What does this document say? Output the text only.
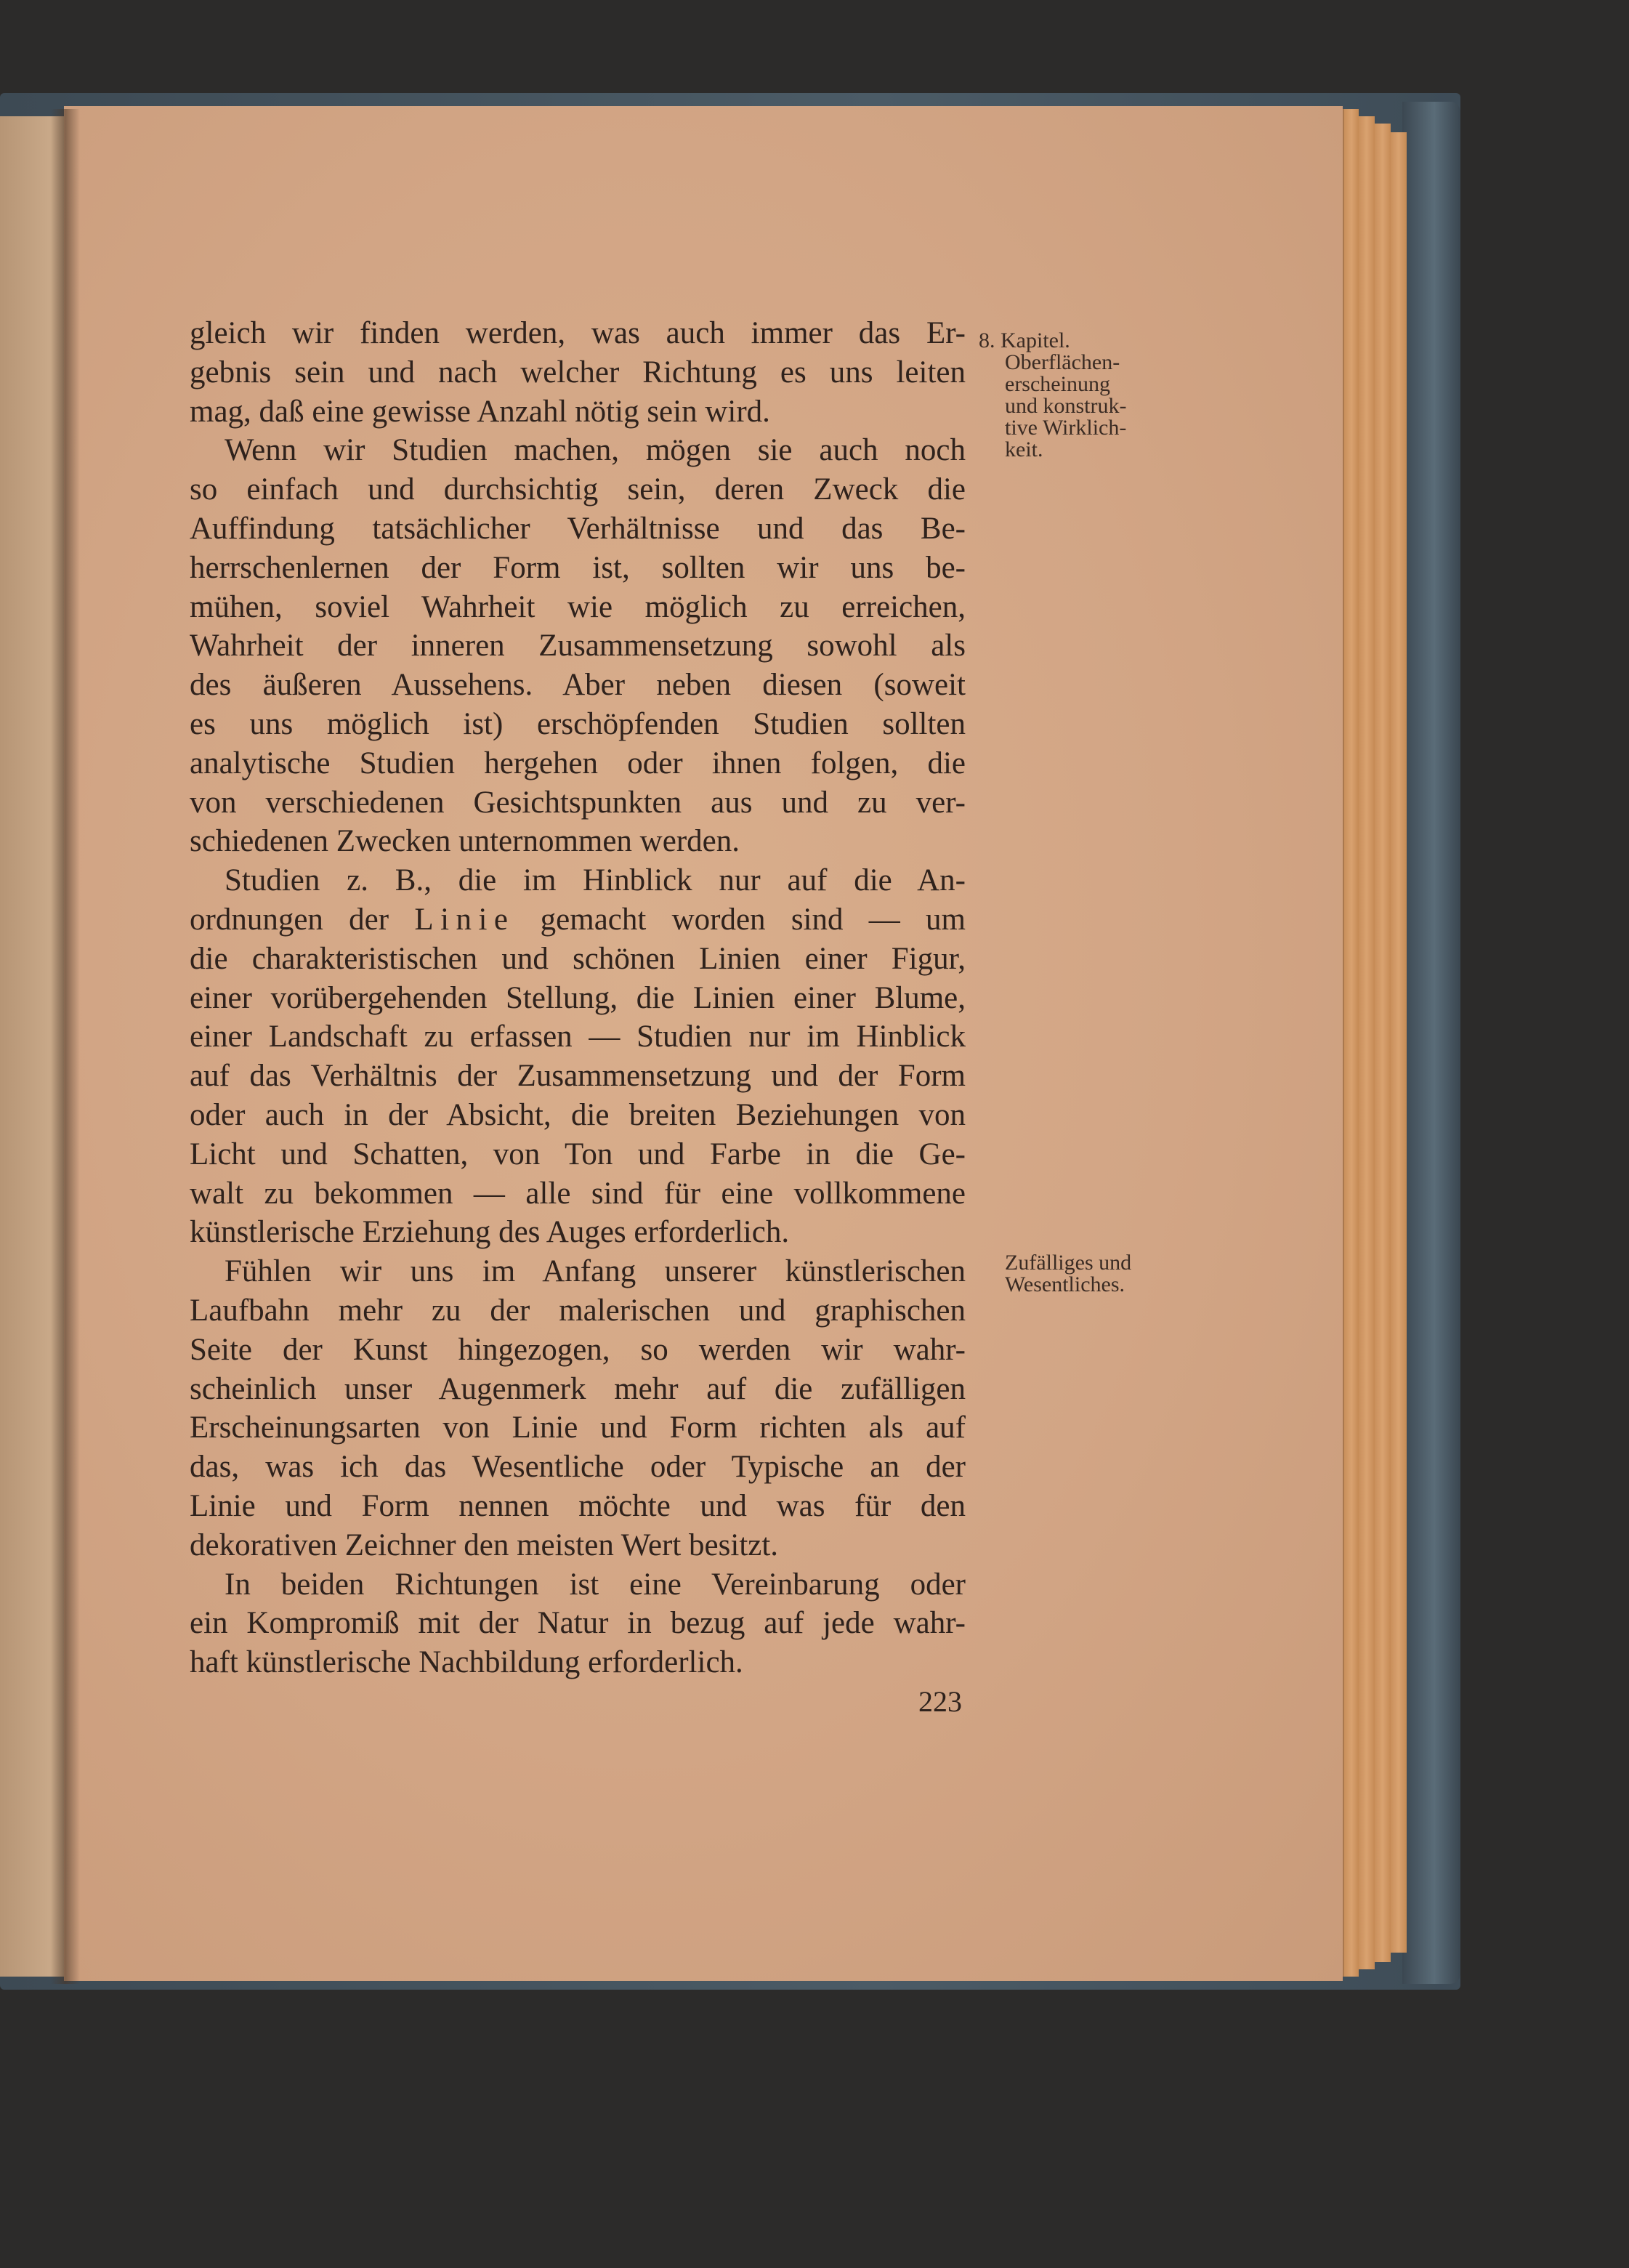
gleich wir finden werden, was auch immer das Er-
gebnis sein und nach welcher Richtung es uns leiten
mag, daß eine gewisse Anzahl nötig sein wird.
Wenn wir Studien machen, mögen sie auch noch
so einfach und durchsichtig sein, deren Zweck die
Auffindung tatsächlicher Verhältnisse und das Be-
herrschenlernen der Form ist, sollten wir uns be-
mühen, soviel Wahrheit wie möglich zu erreichen,
Wahrheit der inneren Zusammensetzung sowohl als
des äußeren Aussehens. Aber neben diesen (soweit
es uns möglich ist) erschöpfenden Studien sollten
analytische Studien hergehen oder ihnen folgen, die
von verschiedenen Gesichtspunkten aus und zu ver-
schiedenen Zwecken unternommen werden.
Studien z. B., die im Hinblick nur auf die An-
ordnungen der Linie gemacht worden sind — um
die charakteristischen und schönen Linien einer Figur,
einer vorübergehenden Stellung, die Linien einer Blume,
einer Landschaft zu erfassen — Studien nur im Hinblick
auf das Verhältnis der Zusammensetzung und der Form
oder auch in der Absicht, die breiten Beziehungen von
Licht und Schatten, von Ton und Farbe in die Ge-
walt zu bekommen — alle sind für eine vollkommene
künstlerische Erziehung des Auges erforderlich.
Fühlen wir uns im Anfang unserer künstlerischen
Laufbahn mehr zu der malerischen und graphischen
Seite der Kunst hingezogen, so werden wir wahr-
scheinlich unser Augenmerk mehr auf die zufälligen
Erscheinungsarten von Linie und Form richten als auf
das, was ich das Wesentliche oder Typische an der
Linie und Form nennen möchte und was für den
dekorativen Zeichner den meisten Wert besitzt.
In beiden Richtungen ist eine Vereinbarung oder
ein Kompromiß mit der Natur in bezug auf jede wahr-
haft künstlerische Nachbildung erforderlich.
8. Kapitel.
Oberflächen-
erscheinung
und konstruk-
tive Wirklich-
keit.
Zufälliges und
Wesentliches.
223
